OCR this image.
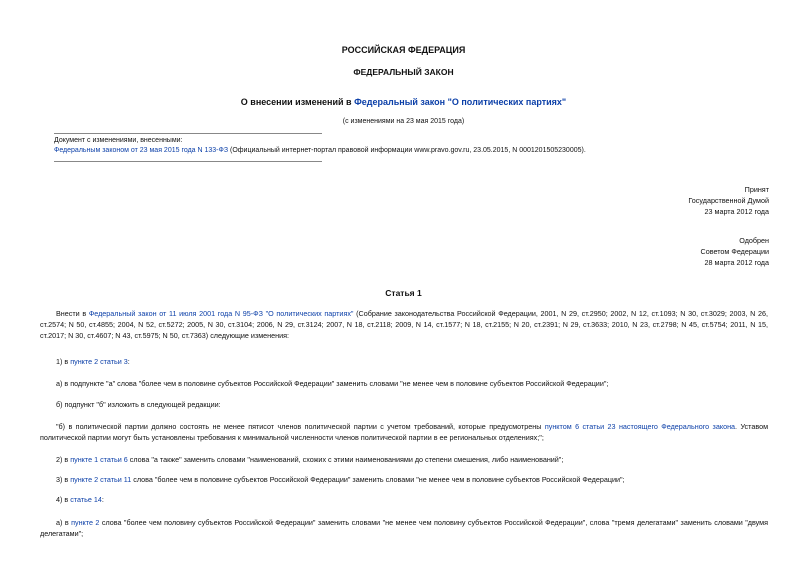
РОССИЙСКАЯ ФЕДЕРАЦИЯ
ФЕДЕРАЛЬНЫЙ ЗАКОН
О внесении изменений в Федеральный закон "О политических партиях"
(с изменениями на 23 мая 2015 года)
Документ с изменениями, внесенными:
Федеральным законом от 23 мая 2015 года N 133-ФЗ (Официальный интернет-портал правовой информации www.pravo.gov.ru, 23.05.2015, N 0001201505230005).
Принят
Государственной Думой
23 марта 2012 года
Одобрен
Советом Федерации
28 марта 2012 года
Статья 1
Внести в Федеральный закон от 11 июля 2001 года N 95-ФЗ "О политических партиях" (Собрание законодательства Российской Федерации, 2001, N 29, ст.2950; 2002, N 12, ст.1093; N 30, ст.3029; 2003, N 26, ст.2574; N 50, ст.4855; 2004, N 52, ст.5272; 2005, N 30, ст.3104; 2006, N 29, ст.3124; 2007, N 18, ст.2118; 2009, N 14, ст.1577; N 18, ст.2155; N 20, ст.2391; N 29, ст.3633; 2010, N 23, ст.2798; N 45, ст.5754; 2011, N 15, ст.2017; N 30, ст.4607; N 43, ст.5975; N 50, ст.7363) следующие изменения:
1) в пункте 2 статьи 3:
а) в подпункте "а" слова "более чем в половине субъектов Российской Федерации" заменить словами "не менее чем в половине субъектов Российской Федерации";
б) подпункт "б" изложить в следующей редакции:
"б) в политической партии должно состоять не менее пятисот членов политической партии с учетом требований, которые предусмотрены пунктом 6 статьи 23 настоящего Федерального закона. Уставом политической партии могут быть установлены требования к минимальной численности членов политической партии в ее региональных отделениях;";
2) в пункте 1 статьи 6 слова "а также" заменить словами "наименований, схожих с этими наименованиями до степени смешения, либо наименований";
3) в пункте 2 статьи 11 слова "более чем в половине субъектов Российской Федерации" заменить словами "не менее чем в половине субъектов Российской Федерации";
4) в статье 14:
а) в пункте 2 слова "более чем половину субъектов Российской Федерации" заменить словами "не менее чем половину субъектов Российской Федерации", слова "тремя делегатами" заменить словами "двумя делегатами";
